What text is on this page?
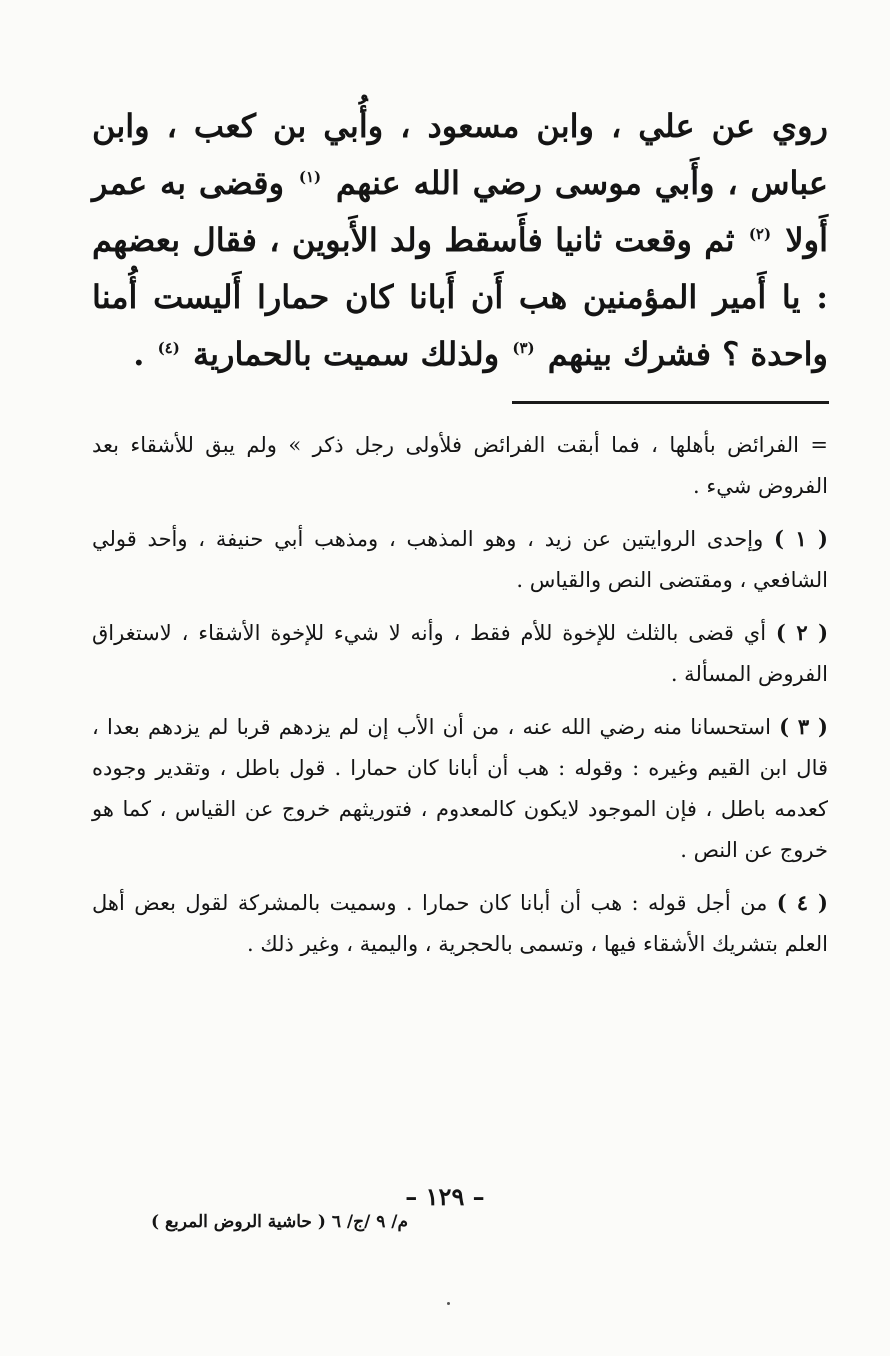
روي عن علي ، وابن مسعود ، وأُبي بن كعب ، وابن عباس ، وأَبي موسى رضي الله عنهم $^{(١)}$ وقضى به عمر أَولا $^{(٢)}$ ثم وقعت ثانيا فأَسقط ولد الأَبوين ، فقال بعضهم : يا أَمير المؤمنين هب أَن أَبانا كان حمارا أَليست أُمنا واحدة ؟ فشرك بينهم $^{(٣)}$ ولذلك سميت بالحمارية $^{(٤)}$ .

= الفرائض بأهلها ، فما أبقت الفرائض فلأولى رجل ذكر » ولم يبق للأشقاء بعد الفروض شيء .

( ١ ) وإحدى الروايتين عن زيد ، وهو المذهب ، ومذهب أبي حنيفة ، وأحد قولي الشافعي ، ومقتضى النص والقياس .

( ٢ ) أي قضى بالثلث للإخوة للأم فقط ، وأنه لا شيء للإخوة الأشقاء ، لاستغراق الفروض المسألة .

( ٣ ) استحسانا منه رضي الله عنه ، من أن الأب إن لم يزدهم قربا لم يزدهم بعدا ، قال ابن القيم وغيره : وقوله : هب أن أبانا كان حمارا . قول باطل ، وتقدير وجوده كعدمه باطل ، فإن الموجود لايكون كالمعدوم ، فتوريثهم خروج عن القياس ، كما هو خروج عن النص .

( ٤ ) من أجل قوله : هب أن أبانا كان حمارا . وسميت بالمشركة لقول بعض أهل العلم بتشريك الأشقاء فيها ، وتسمى بالحجرية ، واليمية ، وغير ذلك .

– ١٢٩ –
م/ ٩ /ج/ ٦ ( حاشية الروض المربع )
